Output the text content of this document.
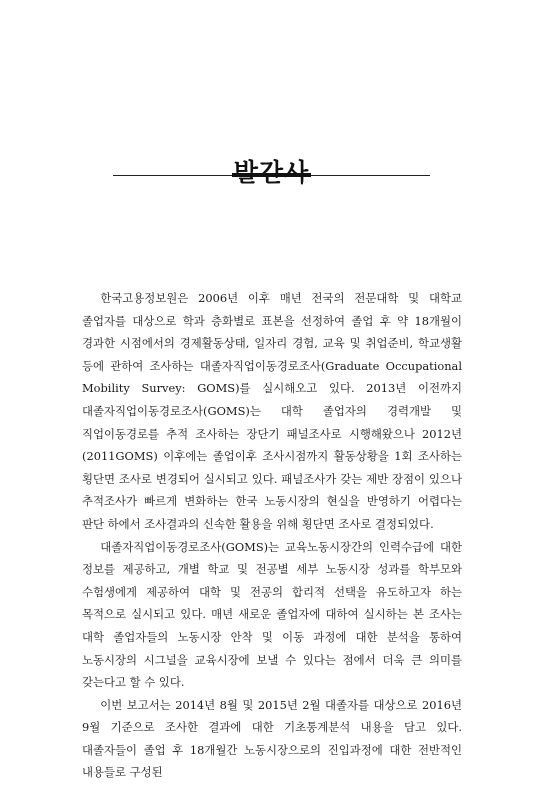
한국고용정보원은 2006년 이후 매년 전국의 전문대학 및 대학교 졸업자를 대상으로 학과 층화별로 표본을 선정하여 졸업 후 약 18개월이 경과한 시점에서의 경제활동상태, 일자리 경험, 교육 및 취업준비, 학교생활 등에 관하여 조사하는 대졸자직업이동경로조사(Graduate Occupational Mobility Survey: GOMS)를 실시해오고 있다. 2013년 이전까지 대졸자직업이동경로조사(GOMS)는 대학 졸업자의 경력개발 및 직업이동경로를 추적 조사하는 장단기 패널조사로 시행해왔으나 2012년(2011GOMS) 이후에는 졸업이후 조사시점까지 활동상황을 1회 조사하는 횡단면 조사로 변경되어 실시되고 있다. 패널조사가 갖는 제반 장점이 있으나 추적조사가 빠르게 변화하는 한국 노동시장의 현실을 반영하기 어렵다는 판단 하에서 조사결과의 신속한 활용을 위해 횡단면 조사로 결정되었다.

대졸자직업이동경로조사(GOMS)는 교육노동시장간의 인력수급에 대한 정보를 제공하고, 개별 학교 및 전공별 세부 노동시장 성과를 학부모와 수험생에게 제공하여 대학 및 전공의 합리적 선택을 유도하고자 하는 목적으로 실시되고 있다. 매년 새로운 졸업자에 대하여 실시하는 본 조사는 대학 졸업자들의 노동시장 안착 및 이동 과정에 대한 분석을 통하여 노동시장의 시그널을 교육시장에 보낼 수 있다는 점에서 더욱 큰 의미를 갖는다고 할 수 있다.

이번 보고서는 2014년 8월 및 2015년 2월 대졸자를 대상으로 2016년 9월 기준으로 조사한 결과에 대한 기초통계분석 내용을 담고 있다. 대졸자들이 졸업 후 18개월간 노동시장으로의 진입과정에 대한 전반적인 내용들로 구성된
